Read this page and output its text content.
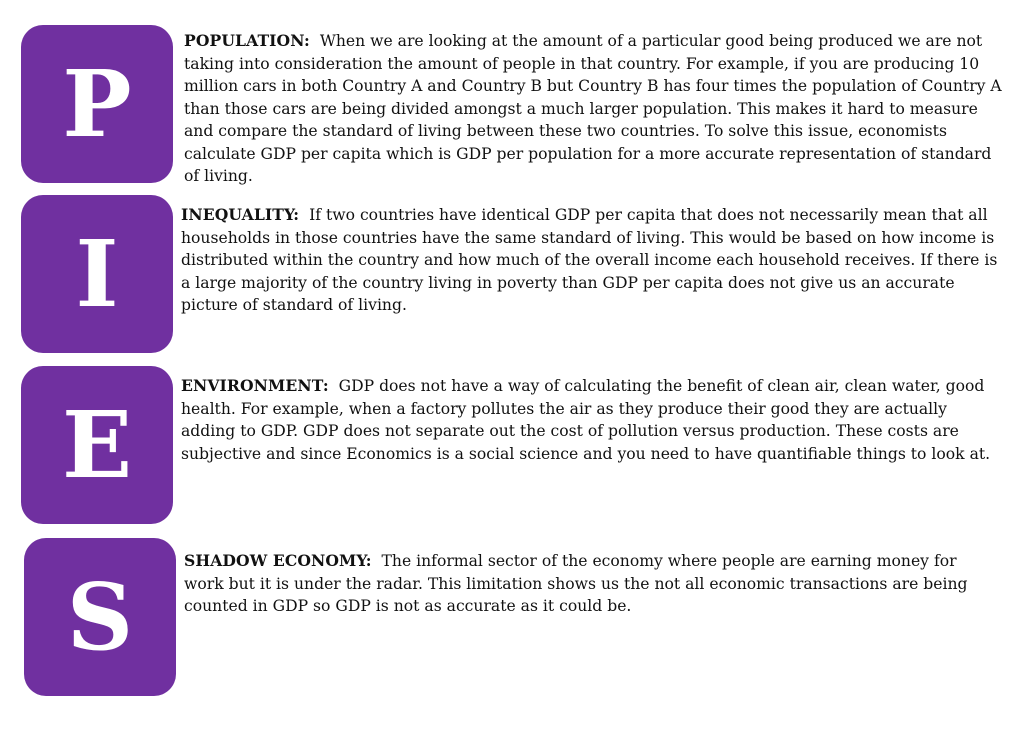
P

POPULATION: When we are looking at the amount of a particular good being produced we are not taking into consideration the amount of people in that country. For example, if you are producing 10 million cars in both Country A and Country B but Country B has four times the population of Country A than those cars are being divided amongst a much larger population. This makes it hard to measure and compare the standard of living between these two countries. To solve this issue, economists calculate GDP per capita which is GDP per population for a more accurate representation of standard of living.

I

INEQUALITY: If two countries have identical GDP per capita that does not necessarily mean that all households in those countries have the same standard of living. This would be based on how income is distributed within the country and how much of the overall income each household receives. If there is a large majority of the country living in poverty than GDP per capita does not give us an accurate picture of standard of living.

E

ENVIRONMENT: GDP does not have a way of calculating the benefit of clean air, clean water, good health. For example, when a factory pollutes the air as they produce their good they are actually adding to GDP. GDP does not separate out the cost of pollution versus production. These costs are subjective and since Economics is a social science and you need to have quantifiable things to look at.

S

SHADOW ECONOMY: The informal sector of the economy where people are earning money for work but it is under the radar. This limitation shows us the not all economic transactions are being counted in GDP so GDP is not as accurate as it could be.
